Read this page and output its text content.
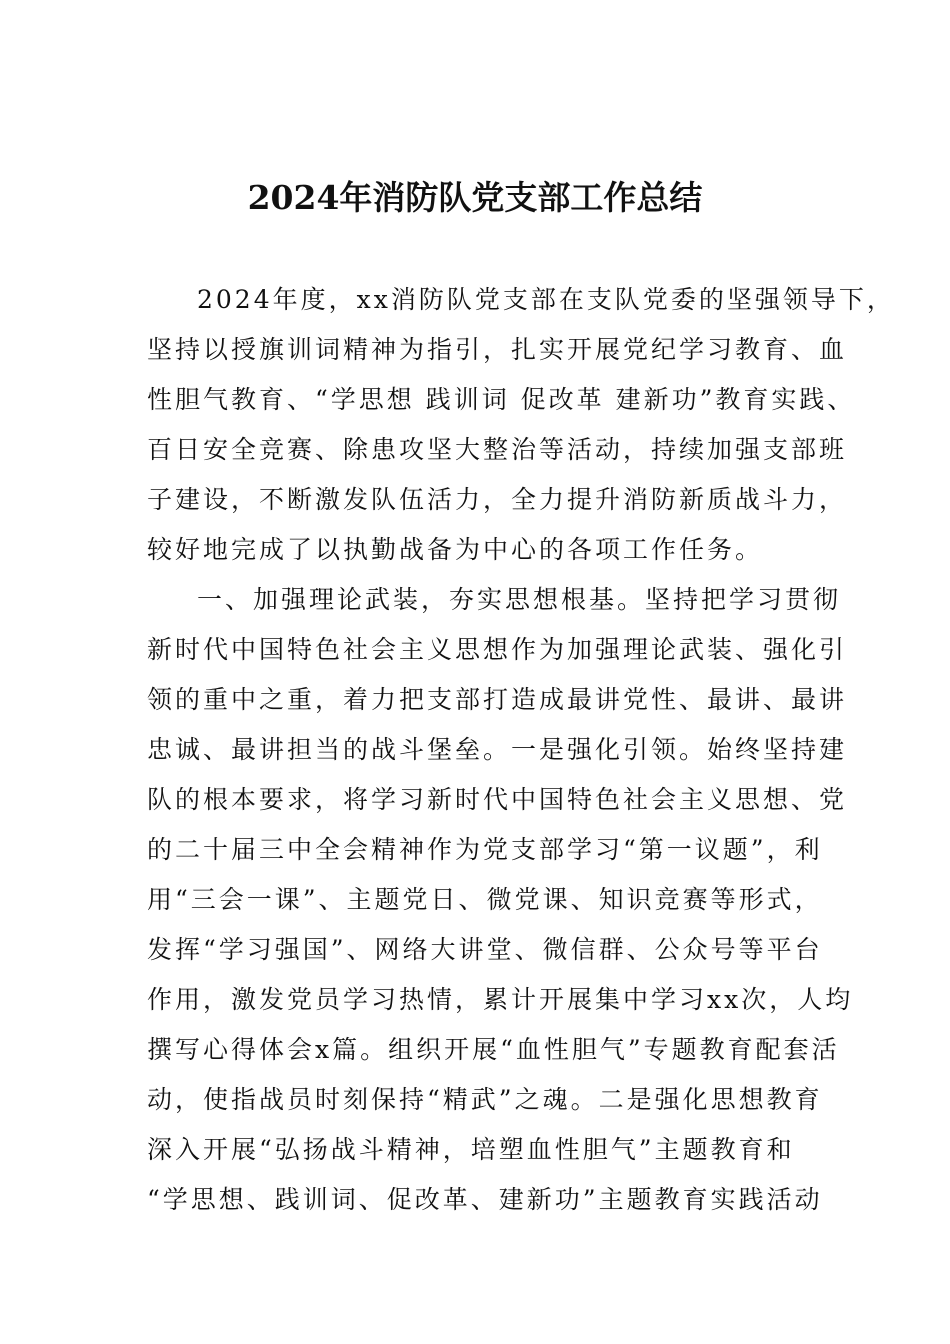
2024年消防队党支部工作总结

2024年度，xx消防队党支部在支队党委的坚强领导下，

坚持以授旗训词精神为指引，扎实开展党纪学习教育、血

性胆气教育、“学思想 践训词 促改革 建新功”教育实践、

百日安全竞赛、除患攻坚大整治等活动，持续加强支部班

子建设，不断激发队伍活力，全力提升消防新质战斗力，

较好地完成了以执勤战备为中心的各项工作任务。

一、加强理论武装，夯实思想根基。坚持把学习贯彻

新时代中国特色社会主义思想作为加强理论武装、强化引

领的重中之重，着力把支部打造成最讲党性、最讲、最讲

忠诚、最讲担当的战斗堡垒。一是强化引领。始终坚持建

队的根本要求，将学习新时代中国特色社会主义思想、党

的二十届三中全会精神作为党支部学习“第一议题”，利

用“三会一课”、主题党日、微党课、知识竞赛等形式，

发挥“学习强国”、网络大讲堂、微信群、公众号等平台

作用，激发党员学习热情，累计开展集中学习xx次，人均

撰写心得体会x篇。组织开展“血性胆气”专题教育配套活

动，使指战员时刻保持“精武”之魂。二是强化思想教育

深入开展“弘扬战斗精神，培塑血性胆气”主题教育和

“学思想、践训词、促改革、建新功”主题教育实践活动
